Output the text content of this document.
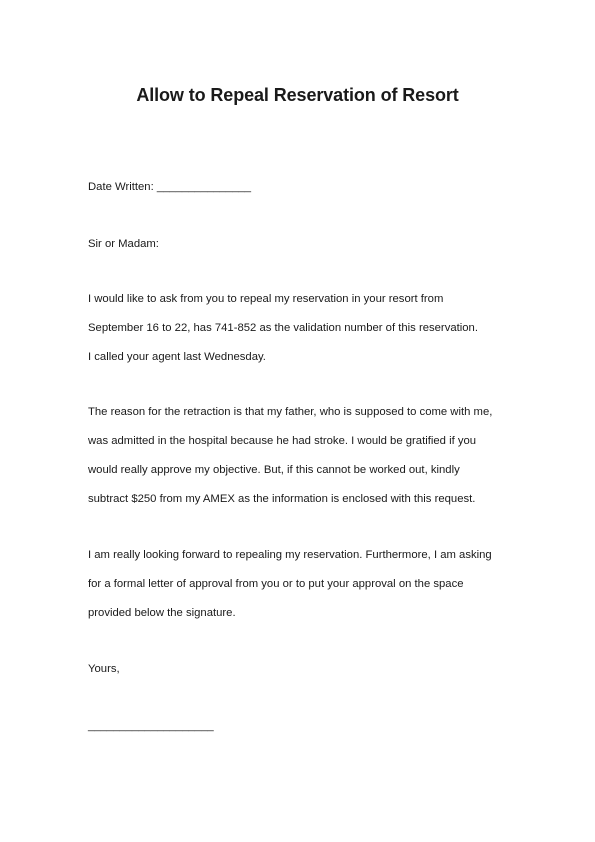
Allow to Repeal Reservation of Resort
Date Written: _______________
Sir or Madam:
I would like to ask from you to repeal my reservation in your resort from
September 16 to 22, has 741-852 as the validation number of this reservation.
I called your agent last Wednesday.
The reason for the retraction is that my father, who is supposed to come with me,
was admitted in the hospital because he had stroke. I would be gratified if you
would really approve my objective. But, if this cannot be worked out, kindly
subtract $250 from my AMEX as the information is enclosed with this request.
I am really looking forward to repealing my reservation. Furthermore, I am asking
for a formal letter of approval from you or to put your approval on the space
provided below the signature.
Yours,
____________________
